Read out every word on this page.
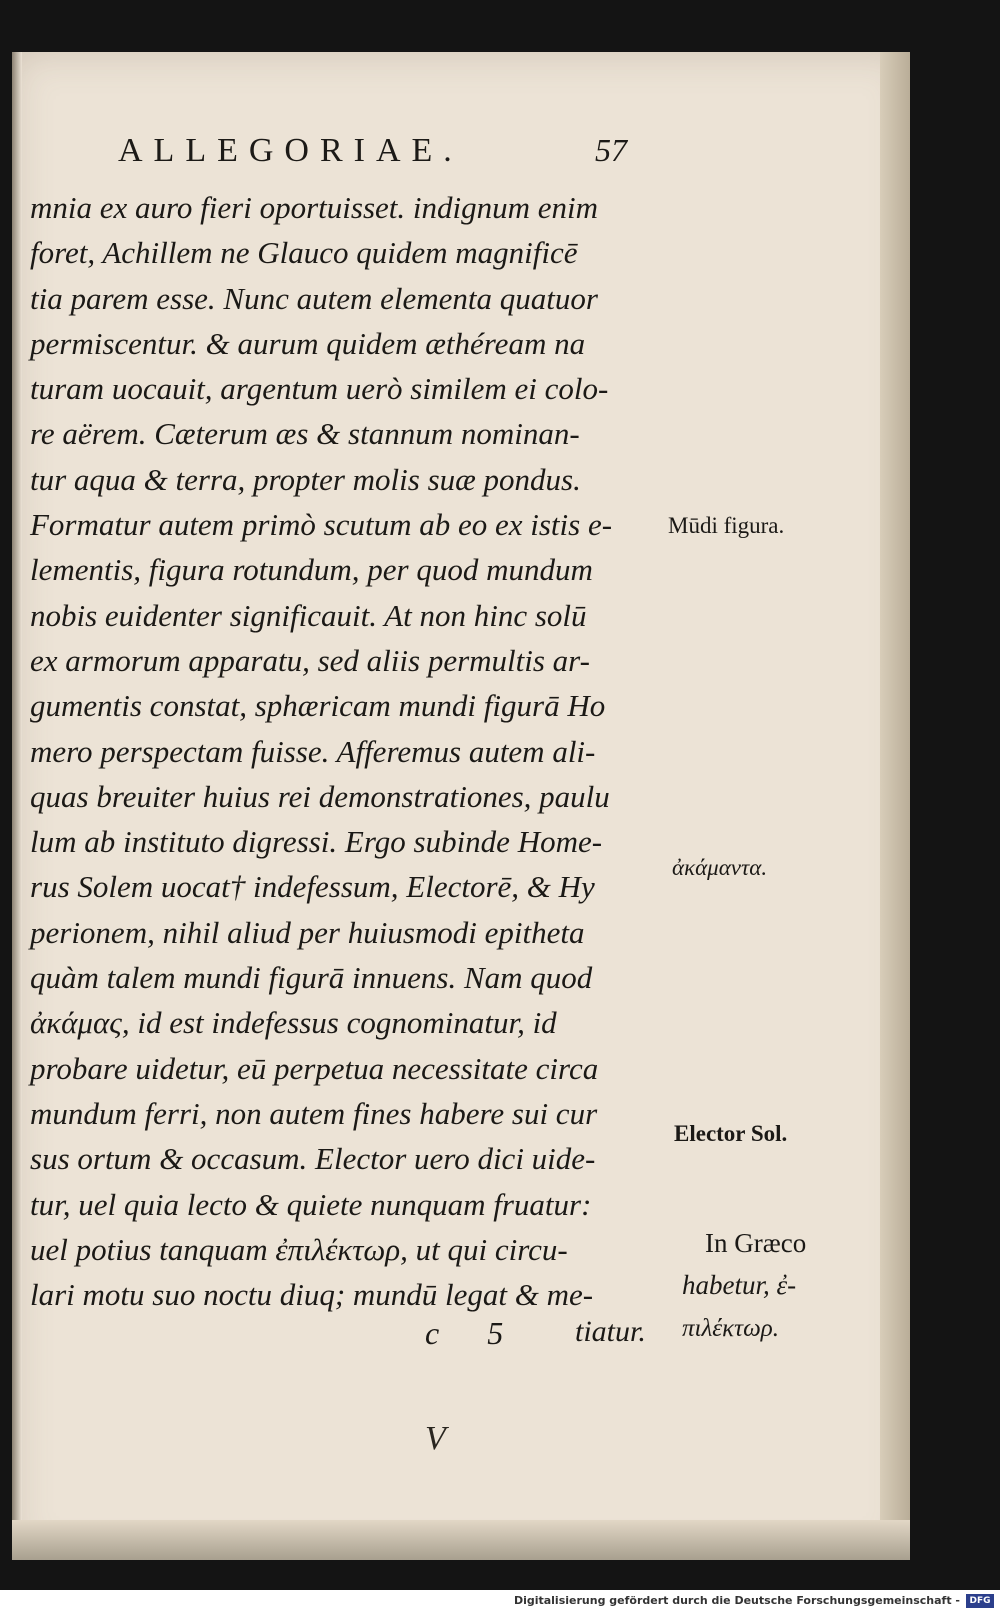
ALLEGORIAE.	57
mnia ex auro fieri oportuisset. indignum enim
foret, Achillem ne Glauco quidem magnificē
tia parem esse. Nunc autem elementa quatuor
permiscentur. & aurum quidem æthéream na
turam uocauit, argentum uerò similem ei colo-
re aërem. Cæterum æs & stannum nominan-
tur aqua & terra, propter molis suæ pondus.
Formatur autem primò scutum ab eo ex istis e-
lementis, figura rotundum, per quod mundum
nobis euidenter significauit. At non hinc solū
ex armorum apparatu, sed aliis permultis ar-
gumentis constat, sphæricam mundi figurā Ho
mero perspectam fuisse. Afferemus autem ali-
quas breuiter huius rei demonstrationes, paulu
lum ab instituto digressi. Ergo subinde Home-
rus Solem uocat† indefessum, Electorē, & Hy
perionem, nihil aliud per huiusmodi epitheta
quàm talem mundi figurā innuens. Nam quod
ἀκάμας, id est indefessus cognominatur, id
probare uidetur, eū perpetua necessitate circa
mundum ferri, non autem fines habere sui cur
sus ortum & occasum. Elector uero dici uide-
tur, uel quia lecto & quiete nunquam fruatur:
uel potius tanquam ἐπιλέκτωρ, ut qui circu-
lari motu suo noctu diuq; mundū legat & me-
Mūdi figura.
ἀκάμαντα.
Elector Sol.
In Græco
habetur, ἐ-
πιλέκτωρ.
c 5 tiatur.
V
Digitalisierung gefördert durch die Deutsche Forschungsgemeinschaft -	DFG
